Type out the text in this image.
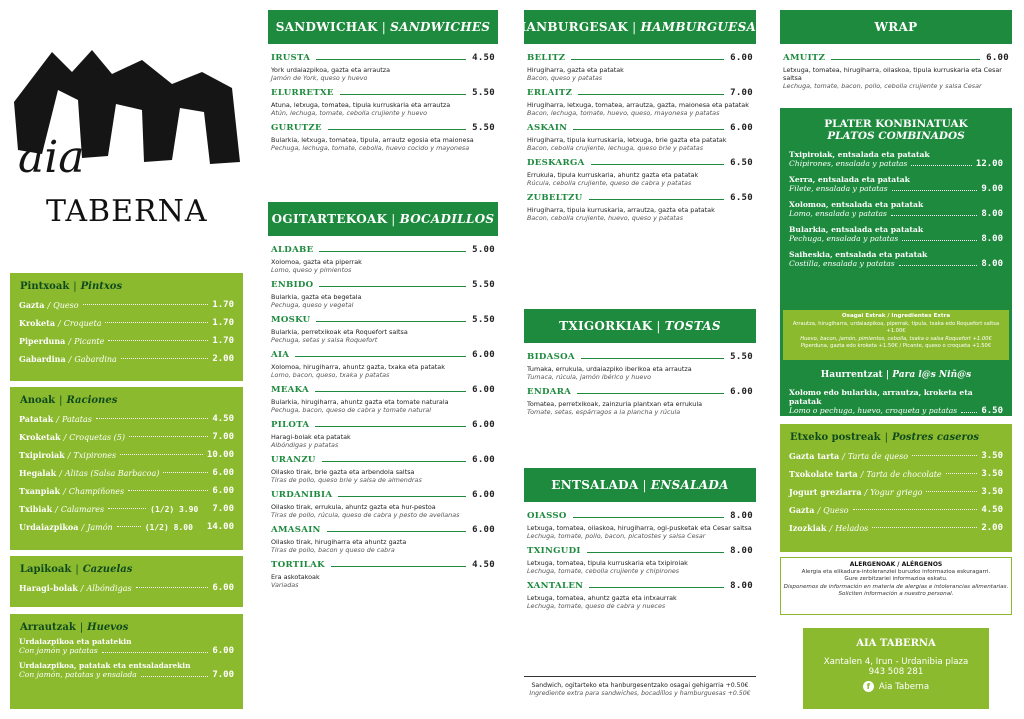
aia
TABERNA
Pintxoak | Pintxos
Gazta / Queso	1.70
Kroketa / Croqueta	1.70
Piperduna / Picante	1.70
Gabardina / Gabardina	2.00
Anoak | Raciones
Patatak / Patatas	4.50
Kroketak / Croquetas (5)	7.00
Txipiroiak / Txipirones	10.00
Hegalak / Alitas (Salsa Barbacoa)	6.00
Txanpiak / Champiñones	6.00
Txibiak / Calamares	(1/2) 3.90 7.00
Urdaiazpikoa / Jamón	(1/2) 8.00 14.00
Lapikoak | Cazuelas
Haragi-bolak / Albóndigas	6.00
Arrautzak | Huevos
Urdaiazpikoa eta patatekin
Con jamón y patatas	6.00
Urdaiazpikoa, patatak eta entsaladarekin
Con jamón, patatas y ensalada	7.00
SANDWICHAK | SANDWICHES
IRUSTA	4.50
York urdaiazpikoa, gazta eta arrautza
Jamón de York, queso y huevo
ELURRETXE	5.50
Atuna, letxuga, tomatea, tipula kurruskaria eta arrautza
Atún, lechuga, tomate, cebolla crujiente y huevo
GURUTZE	5.50
Bularkia, letxuga, tomatea, tipula, arrautz egosia eta maionesa
Pechuga, lechuga, tomate, cebolla, huevo cocido y mayonesa
OGITARTEKOAK | BOCADILLOS
ALDABE	5.00
Xolomoa, gazta eta piperrak
Lomo, queso y pimientos
ENBIDO	5.50
Bularkia, gazta eta begetala
Pechuga, queso y vegetal
MOSKU	5.50
Bularkia, perretxikoak eta Roquefort saltsa
Pechuga, setas y salsa Roquefort
AIA	6.00
Xolomoa, hirugiharra, ahuntz gazta, txaka eta patatak
Lomo, bacon, queso, txaka y patatas
MEAKA	6.00
Bularkia, hirugiharra, ahuntz gazta eta tomate naturala
Pechuga, bacon, queso de cabra y tomate natural
PILOTA	6.00
Haragi-bolak eta patatak
Albóndigas y patatas
URANZU	6.00
Oilasko tirak, brie gazta eta arbendola saltsa
Tiras de pollo, queso brie y salsa de almendras
URDANIBIA	6.00
Oilasko tirak, errukula, ahuntz gazta eta hur-pestoa
Tiras de pollo, rúcula, queso de cabra y pesto de avellanas
AMASAIN	6.00
Oilasko tirak, hirugiharra eta ahuntz gazta
Tiras de pollo, bacon y queso de cabra
TORTILAK	4.50
Era askotakoak
Variadas
HANBURGESAK | HAMBURGUESAS
BELITZ	6.00
Hirugiharra, gazta eta patatak
Bacon, queso y patatas
ERLAITZ	7.00
Hirugiharra, letxuga, tomatea, arrautza, gazta, maionesa eta patatak
Bacon, lechuga, tomate, huevo, queso, mayonesa y patatas
ASKAIN	6.00
Hirugiharra, tipula kurruskaria, letxuga, brie gazta eta patatak
Bacon, cebolla crujiente, lechuga, queso brie y patatas
DESKARGA	6.50
Errukula, tipula kurruskaria, ahuntz gazta eta patatak
Rúcula, cebolla crujiente, queso de cabra y patatas
ZUBELTZU	6.50
Hirugiharra, tipula kurruskaria, arrautza, gazta eta patatak
Bacon, cebolla crujiente, huevo, queso y patatas
TXIGORKIAK | TOSTAS
BIDASOA	5.50
Tumaka, errukula, urdaiazpiko iberikoa eta arrautza
Tumaca, rúcula, jamón ibérico y huevo
ENDARA	6.00
Tomatea, perretxikoak, zainzuria plantxan eta errukula
Tomate, setas, espárragos a la plancha y rúcula
ENTSALADA | ENSALADA
OIASSO	8.00
Letxuga, tomatea, oilaskoa, hirugiharra, ogi-pusketak eta Cesar saltsa
Lechuga, tomate, pollo, bacon, picatostes y salsa Cesar
TXINGUDI	8.00
Letxuga, tomatea, tipula kurruskaria eta txipiroiak
Lechuga, tomate, cebolla crujiente y chipirones
XANTALEN	8.00
Letxuga, tomatea, ahuntz gazta eta intxaurrak
Lechuga, tomate, queso de cabra y nueces
Sandwich, ogitarteko eta hanburgesentzako osagai gehigarria +0.50€
Ingrediente extra para sandwiches, bocadillos y hamburguesas +0.50€
WRAP
AMUITZ	6.00
Letxuga, tomatea, hirugiharra, oilaskoa, tipula kurruskaria eta Cesar saltsa
Lechuga, tomate, bacon, pollo, cebolla crujiente y salsa Cesar
PLATER KONBINATUAK
PLATOS COMBINADOS
Txipiroiak, entsalada eta patatak
Chipirones, ensalada y patatas	12.00
Xerra, entsalada eta patatak
Filete, ensalada y patatas	9.00
Xolomoa, entsalada eta patatak
Lomo, ensalada y patatas	8.00
Bularkia, entsalada eta patatak
Pechuga, ensalada y patatas	8.00
Saiheskia, entsalada eta patatak
Costilla, ensalada y patatas	8.00
Osagai Estrak / Ingredientes Extra
Arrautza, hirugiharra, urdaiazpikoa, piperrak, tipula, txaka edo Roquefort saltsa +1.00€
Huevo, bacon, jamón, pimientos, cebolla, txaka o salsa Roquefort +1.00€
Piperduna, gazta edo kroketa +1.50€ / Picante, queso o croqueta +1.50€
Haurrentzat | Para l@s Niñ@s
Xolomo edo bularkia, arrautza, kroketa eta patatak
Lomo o pechuga, huevo, croqueta y patatas	6.50
Etxeko postreak | Postres caseros
Gazta tarta / Tarta de queso	3.50
Txokolate tarta / Tarta de chocolate	3.50
Jogurt greziarra / Yogur griego	3.50
Gazta / Queso	4.50
Izozkiak / Helados	2.00
ALERGENOAK / ALÉRGENOS
Alergia eta elikadura-intoleranziei buruzko informazioa eskuragarri.
Gure zerbitzariei informazioa eskatu.
Disponemos de información en materia de alergias e intolerancias alimentarias.
Soliciten información a nuestro personal.
AIA TABERNA
Xantalen 4, Irun - Urdanibia plaza
943 508 281
f	Aia Taberna
